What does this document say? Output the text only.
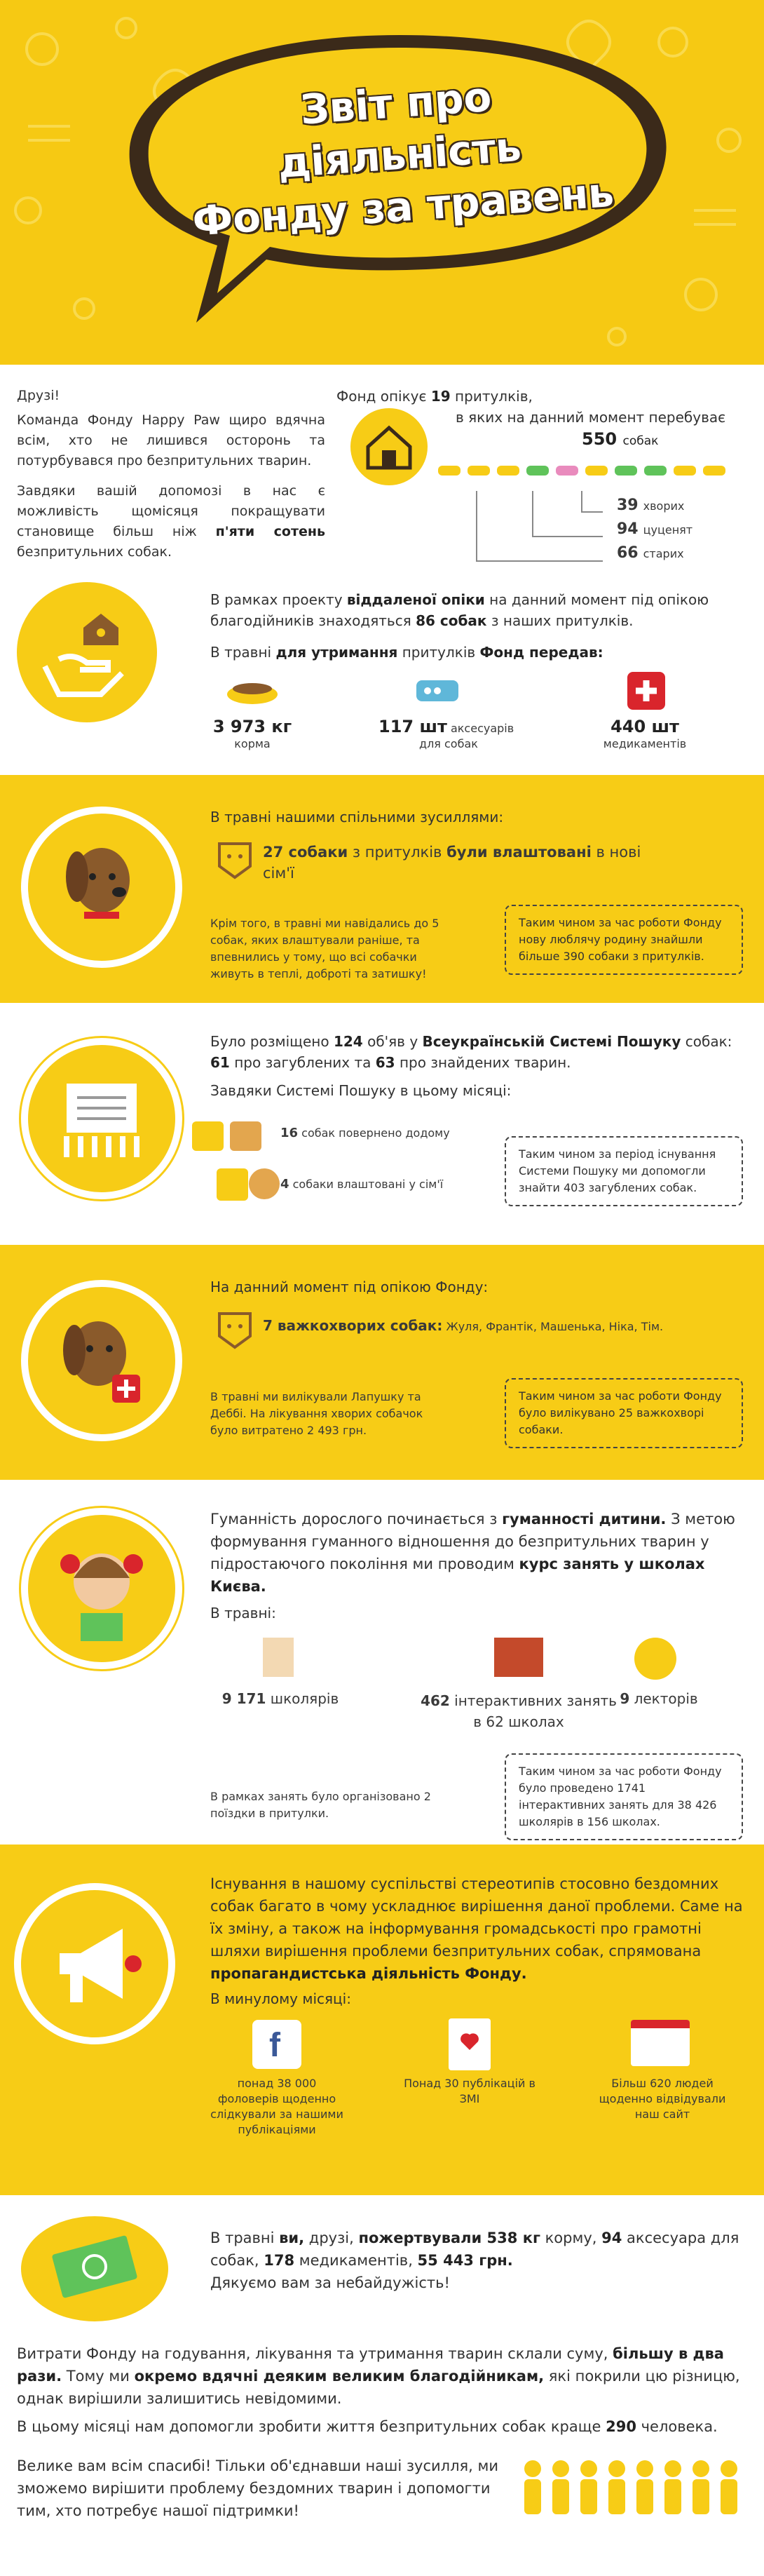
Звіт про діяльність
Фонду за травень
Друзі!
Команда Фонду Happy Paw щиро вдячна всім, хто не лишився осторонь та потурбувався про безпритульних тварин.
Завдяки вашій допомозі в нас є можливість щомісяця покращувати становище більш ніж п'яти сотень безпритульних собак.
Фонд опікує 19 притулків,
в яких на данний момент перебуває
550 собак
39 хворих
94 цуценят
66 старих
В рамках проекту віддаленої опіки на данний момент під опікою благодійників знаходяться 86 собак з наших притулків.
В травні для утримання притулків Фонд передав:
3 973 кг
корма
117 шт аксесуарів
для собак
440 шт
медикаментів
В травні нашими спільними зусиллями:
27 собаки з притулків були влаштовані в нові сім'ї
Крім того, в травні ми навідались до 5 собак, яких влаштували раніше, та впевнились у тому, що всі собачки живуть в теплі, доброті та затишку!
Таким чином за час роботи Фонду нову люблячу родину знайшли більше 390 собаки з притулків.
Було розміщено 124 об'яв у Всеукраїнській Системі Пошуку собак: 61 про загублених та 63 про знайдених тварин.
Завдяки Системі Пошуку в цьому місяці:
16 собак повернено додому
4 собаки влаштовані у сім'ї
Таким чином за період існування Системи Пошуку ми допомогли знайти 403 загублених собак.
На данний момент під опікою Фонду:
7 важкохворих собак: Жуля, Франтік, Машенька, Ніка, Тім.
В травні ми вилікували Лапушку та Деббі. На лікування хворих собачок було витратено 2 493 грн.
Таким чином за час роботи Фонду було вилікувано 25 важкохворі собаки.
Гуманність дорослого починається з гуманності дитини. З метою формування гуманного відношення до безпритульних тварин у підростаючого покоління ми проводим курс занять у школах Києва.
В травні:
9 171 школярів	462 інтерактивних занять
в 62 школах
9 лекторів
В рамках занять було організовано 2 поїздки в притулки.
Таким чином за час роботи Фонду було проведено 1741 інтерактивних занять для 38 426 школярів в 156 школах.
Існування в нашому суспільстві стереотипів стосовно бездомних собак багато в чому ускладнює вирішення даної проблеми. Саме на їх зміну, а також на інформування громадськості про грамотні шляхи вирішення проблеми безпритульних собак, спрямована пропагандистська діяльність Фонду.
В минулому місяці:
f
понад 38 000 фоловерів щоденно слідкували за нашими публікаціями
Понад 30 публікацій в ЗМІ
Більш 620 людей щоденно відвідували наш сайт
В травні ви, друзі, пожертвували 538 кг корму, 94 аксесуара для собак, 178 медикаментів, 55 443 грн.
Дякуємо вам за небайдужість!
Витрати Фонду на годування, лікування та утримання тварин склали суму, більшу в два рази. Тому ми окремо вдячні деяким великим благодійникам, які покрили цю різницю, однак вирішили залишитись невідомими.
В цьому місяці нам допомогли зробити життя безпритульних собак краще 290 человека.
Велике вам всім спасибі! Тільки об'єднавши наші зусилля, ми зможемо вирішити проблему бездомних тварин і допомогти тим, хто потребує нашої підтримки!
